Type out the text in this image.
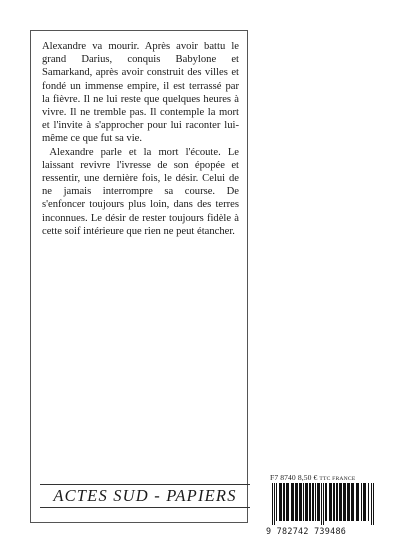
Alexandre va mourir. Après avoir battu le grand Darius, conquis Babylone et Samarkand, après avoir construit des villes et fondé un immense empire, il est terrassé par la fièvre. Il ne lui reste que quelques heures à vivre. Il ne tremble pas. Il contemple la mort et l'invite à s'approcher pour lui raconter lui-même ce que fut sa vie.

Alexandre parle et la mort l'écoute. Le laissant revivre l'ivresse de son épopée et ressentir, une dernière fois, le désir. Celui de ne jamais interrompre sa course. De s'enfoncer toujours plus loin, dans des terres inconnues. Le désir de rester toujours fidèle à cette soif intérieure que rien ne peut étancher.

F7 8740 8,50 € TTC FRANCE
ACTES SUD - PAPIERS
9 782742 739486
